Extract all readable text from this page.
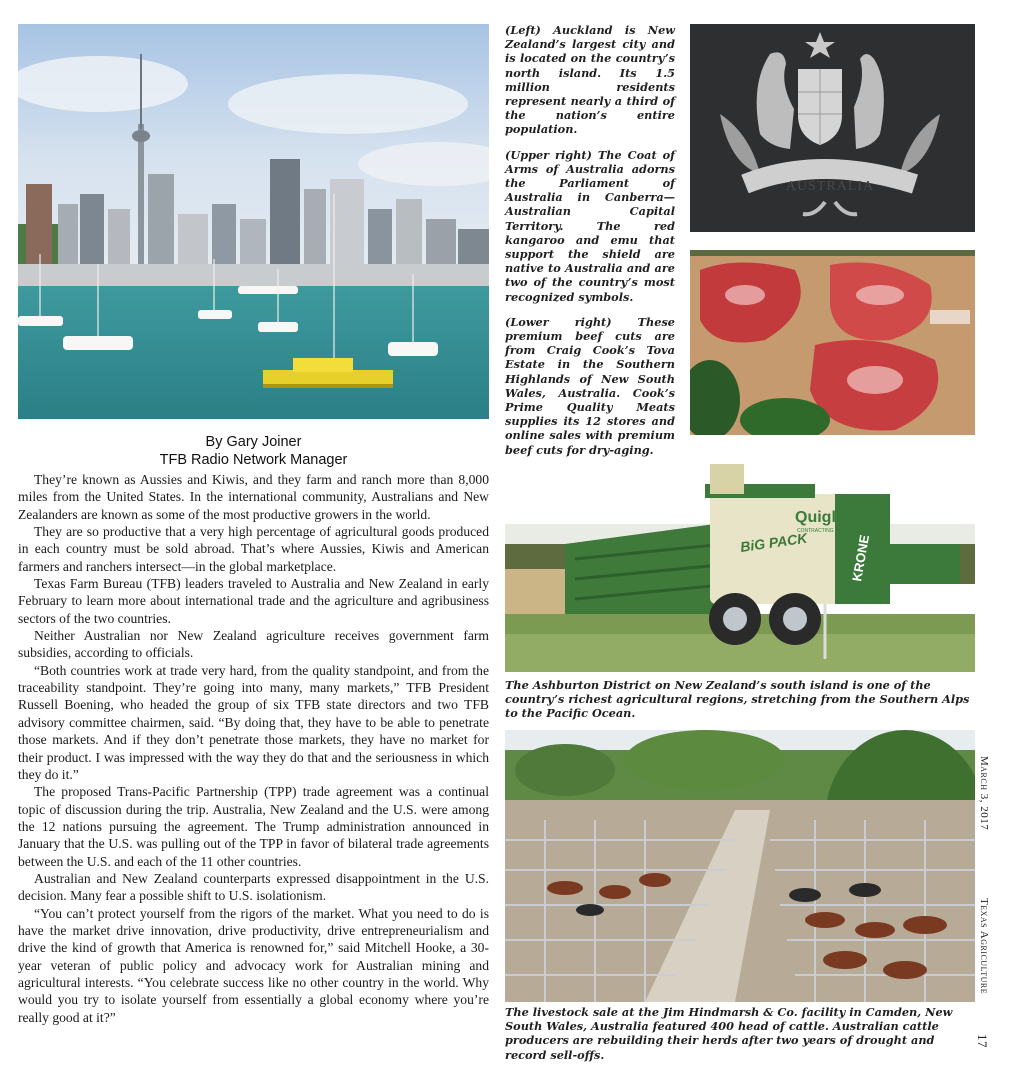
AUSTRALIA

(Left) Auckland is New Zealand’s largest city and is located on the country’s north island. Its 1.5 million residents represent nearly a third of the nation’s entire population.

(Upper right) The Coat of Arms of Australia adorns the Parliament of Australia in Canberra—Australian Capital Territory. The red kangaroo and emu that support the shield are native to Australia and are two of the country’s most recognized symbols.

(Lower right) These premium beef cuts are from Craig Cook’s Tova Estate in the Southern Highlands of New South Wales, Australia. Cook’s Prime Quality Meats supplies its 12 stores and online sales with premium beef cuts for dry-aging.

By Gary Joiner
TFB Radio Network Manager

They’re known as Aussies and Kiwis, and they farm and ranch more than 8,000 miles from the United States. In the international community, Australians and New Zealanders are known as some of the most productive growers in the world.

They are so productive that a very high percentage of agricultural goods produced in each country must be sold abroad. That’s where Aussies, Kiwis and American farmers and ranchers intersect—in the global marketplace.

Texas Farm Bureau (TFB) leaders traveled to Australia and New Zealand in early February to learn more about international trade and the agriculture and agribusiness sectors of the two countries.

Neither Australian nor New Zealand agriculture receives government farm subsidies, according to officials.

“Both countries work at trade very hard, from the quality standpoint, and from the traceability standpoint. They’re going into many, many markets,” TFB President Russell Boening, who headed the group of six TFB state directors and two TFB advisory committee chairmen, said. “By doing that, they have to be able to penetrate those markets. And if they don’t penetrate those markets, they have no market for their product. I was impressed with the way they do that and the seriousness in which they do it.”

The proposed Trans-Pacific Partnership (TPP) trade agreement was a continual topic of discussion during the trip. Australia, New Zealand and the U.S. were among the 12 nations pursuing the agreement. The Trump administration announced in January that the U.S. was pulling out of the TPP in favor of bilateral trade agreements between the U.S. and each of the 11 other countries.

Australian and New Zealand counterparts expressed disappointment in the U.S. decision. Many fear a possible shift to U.S. isolationism.

“You can’t protect yourself from the rigors of the market. What you need to do is have the market drive innovation, drive productivity, drive entrepreneurialism and drive the kind of growth that America is renowned for,” said Mitchell Hooke, a 30-year veteran of public policy and advocacy work for Australian mining and agricultural interests. “You celebrate success like no other country in the world. Why would you try to isolate yourself from essentially a global economy where you’re really good at it?”

Quigley
CONTRACTING
BiG PACK	KRONE
The Ashburton District on New Zealand’s south island is one of the country’s richest agricultural regions, stretching from the Southern Alps to the Pacific Ocean.
The livestock sale at the Jim Hindmarsh & Co. facility in Camden, New South Wales, Australia featured 400 head of cattle. Australian cattle producers are rebuilding their herds after two years of drought and record sell-offs.
March 3, 2017
Texas Agriculture
17
